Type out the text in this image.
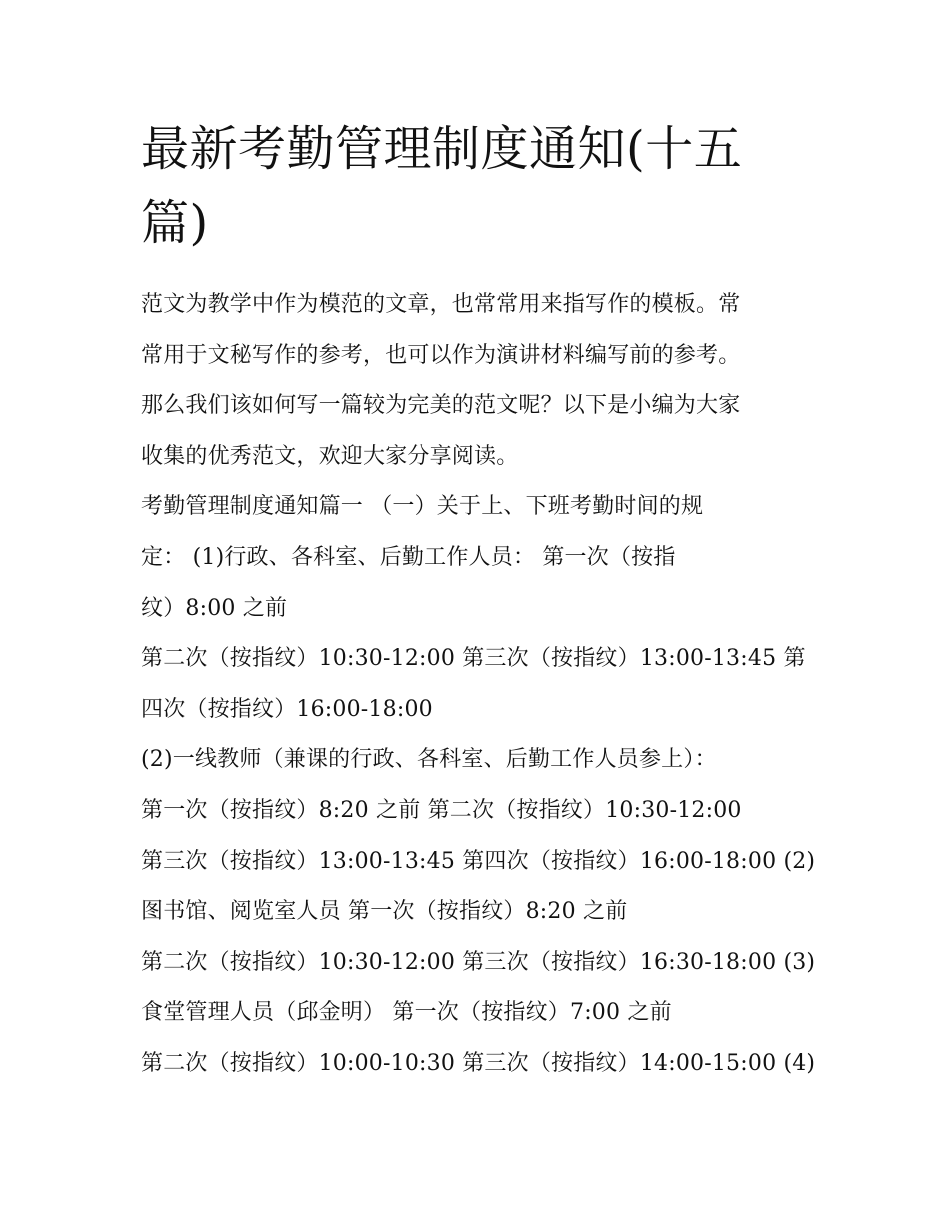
最新考勤管理制度通知(十五
篇)
范文为教学中作为模范的文章，也常常用来指写作的模板。常
常用于文秘写作的参考，也可以作为演讲材料编写前的参考。
那么我们该如何写一篇较为完美的范文呢？以下是小编为大家
收集的优秀范文，欢迎大家分享阅读。
考勤管理制度通知篇一 （一）关于上、下班考勤时间的规
定： (1)行政、各科室、后勤工作人员： 第一次（按指
纹）8:00 之前
第二次（按指纹）10:30-12:00 第三次（按指纹）13:00-13:45 第
四次（按指纹）16:00-18:00
(2)一线教师（兼课的行政、各科室、后勤工作人员参上）：
第一次（按指纹）8:20 之前 第二次（按指纹）10:30-12:00
第三次（按指纹）13:00-13:45 第四次（按指纹）16:00-18:00 (2)
图书馆、阅览室人员 第一次（按指纹）8:20 之前
第二次（按指纹）10:30-12:00 第三次（按指纹）16:30-18:00 (3)
食堂管理人员（邱金明） 第一次（按指纹）7:00 之前
第二次（按指纹）10:00-10:30 第三次（按指纹）14:00-15:00 (4)
